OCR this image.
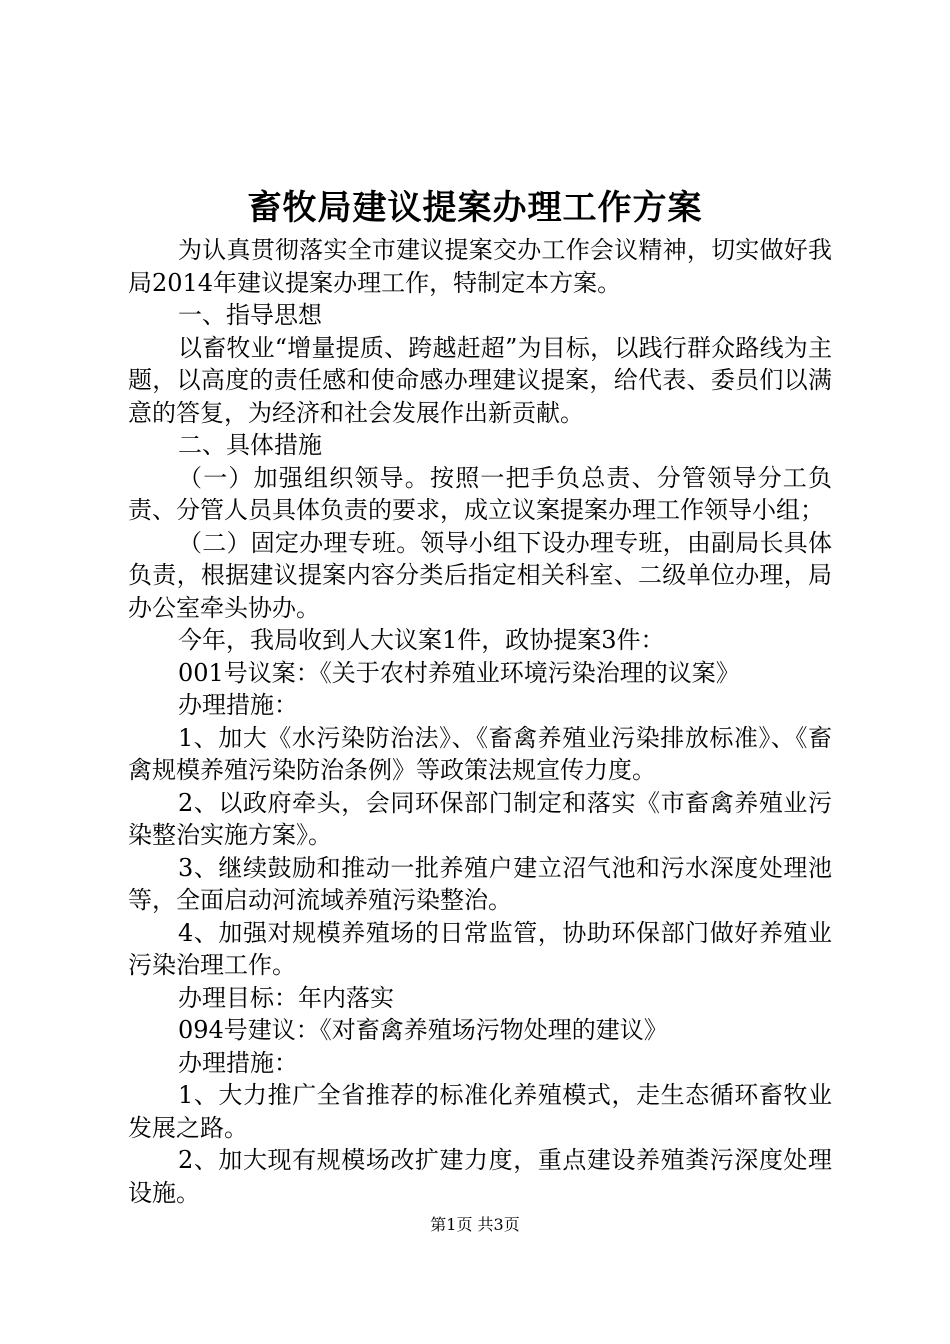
畜牧局建议提案办理工作方案

为认真贯彻落实全市建议提案交办工作会议精神，切实做好我局2014年建议提案办理工作，特制定本方案。

一、指导思想

以畜牧业“增量提质、跨越赶超”为目标，以践行群众路线为主题，以高度的责任感和使命感办理建议提案，给代表、委员们以满意的答复，为经济和社会发展作出新贡献。

二、具体措施

（一）加强组织领导。按照一把手负总责、分管领导分工负责、分管人员具体负责的要求，成立议案提案办理工作领导小组；

（二）固定办理专班。领导小组下设办理专班，由副局长具体负责，根据建议提案内容分类后指定相关科室、二级单位办理，局办公室牵头协办。

今年，我局收到人大议案1件，政协提案3件：

001号议案：《关于农村养殖业环境污染治理的议案》

办理措施：

1、加大《水污染防治法》、《畜禽养殖业污染排放标准》、《畜禽规模养殖污染防治条例》等政策法规宣传力度。

2、以政府牵头，会同环保部门制定和落实《市畜禽养殖业污染整治实施方案》。

3、继续鼓励和推动一批养殖户建立沼气池和污水深度处理池等，全面启动河流域养殖污染整治。

4、加强对规模养殖场的日常监管，协助环保部门做好养殖业污染治理工作。

办理目标：年内落实

094号建议：《对畜禽养殖场污物处理的建议》

办理措施：

1、大力推广全省推荐的标准化养殖模式，走生态循环畜牧业发展之路。

2、加大现有规模场改扩建力度，重点建设养殖粪污深度处理设施。

第1页 共3页
